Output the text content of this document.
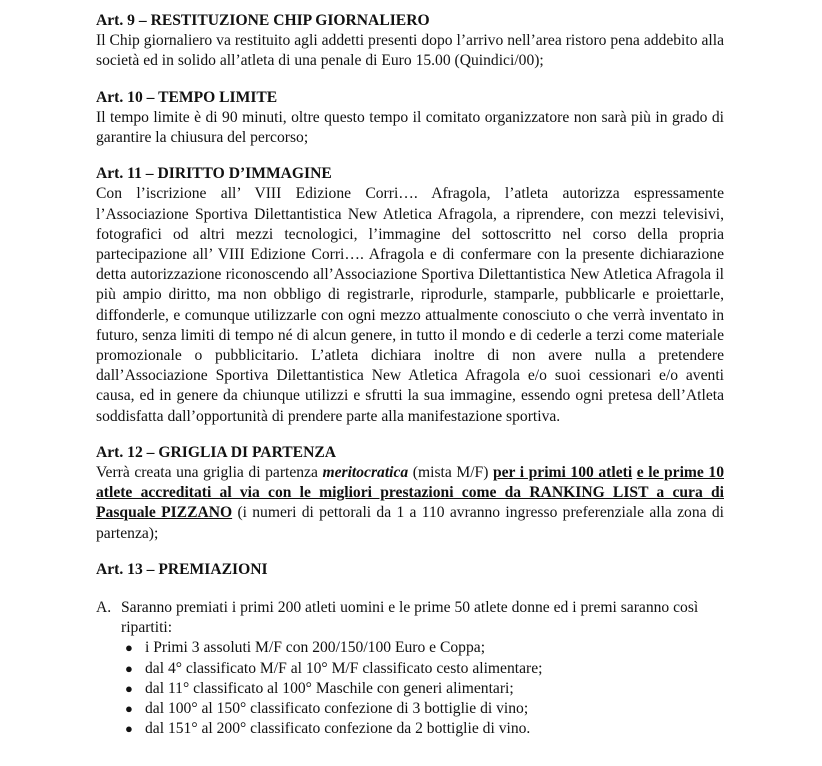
Art. 9 – RESTITUZIONE CHIP GIORNALIERO

Il Chip giornaliero va restituito agli addetti presenti dopo l’arrivo nell’area ristoro pena addebito alla società ed in solido all’atleta di una penale di Euro 15.00 (Quindici/00);

Art. 10 – TEMPO LIMITE

Il tempo limite è di 90 minuti, oltre questo tempo il comitato organizzatore non sarà più in grado di garantire la chiusura del percorso;

Art. 11 – DIRITTO D’IMMAGINE

Con l’iscrizione all’ VIII Edizione Corri…. Afragola, l’atleta autorizza espressamente l’Associazione Sportiva Dilettantistica New Atletica Afragola, a riprendere, con mezzi televisivi, fotografici od altri mezzi tecnologici, l’immagine del sottoscritto nel corso della propria partecipazione all’ VIII Edizione Corri…. Afragola e di confermare con la presente dichiarazione detta autorizzazione riconoscendo all’Associazione Sportiva Dilettantistica New Atletica Afragola il più ampio diritto, ma non obbligo di registrarle, riprodurle, stamparle, pubblicarle e proiettarle, diffonderle, e comunque utilizzarle con ogni mezzo attualmente conosciuto o che verrà inventato in futuro, senza limiti di tempo né di alcun genere, in tutto il mondo e di cederle a terzi come materiale promozionale o pubblicitario. L’atleta dichiara inoltre di non avere nulla a pretendere dall’Associazione Sportiva Dilettantistica New Atletica Afragola e/o suoi cessionari e/o aventi causa, ed in genere da chiunque utilizzi e sfrutti la sua immagine, essendo ogni pretesa dell’Atleta soddisfatta dall’opportunità di prendere parte alla manifestazione sportiva.

Art. 12 – GRIGLIA DI PARTENZA

Verrà creata una griglia di partenza meritocratica (mista M/F) per i primi 100 atleti e le prime 10 atlete accreditati al via con le migliori prestazioni come da RANKING LIST a cura di Pasquale PIZZANO (i numeri di pettorali da 1 a 110 avranno ingresso preferenziale alla zona di partenza);

Art. 13 – PREMIAZIONI
A. Saranno premiati i primi 200 atleti uomini e le prime 50 atlete donne ed i premi saranno così ripartiti:
● i Primi 3 assoluti M/F con 200/150/100 Euro e Coppa;
● dal 4° classificato M/F al 10° M/F classificato cesto alimentare;
● dal 11° classificato al 100° Maschile con generi alimentari;
● dal 100° al 150° classificato confezione di 3 bottiglie di vino;
● dal 151° al 200° classificato confezione da 2 bottiglie di vino.
